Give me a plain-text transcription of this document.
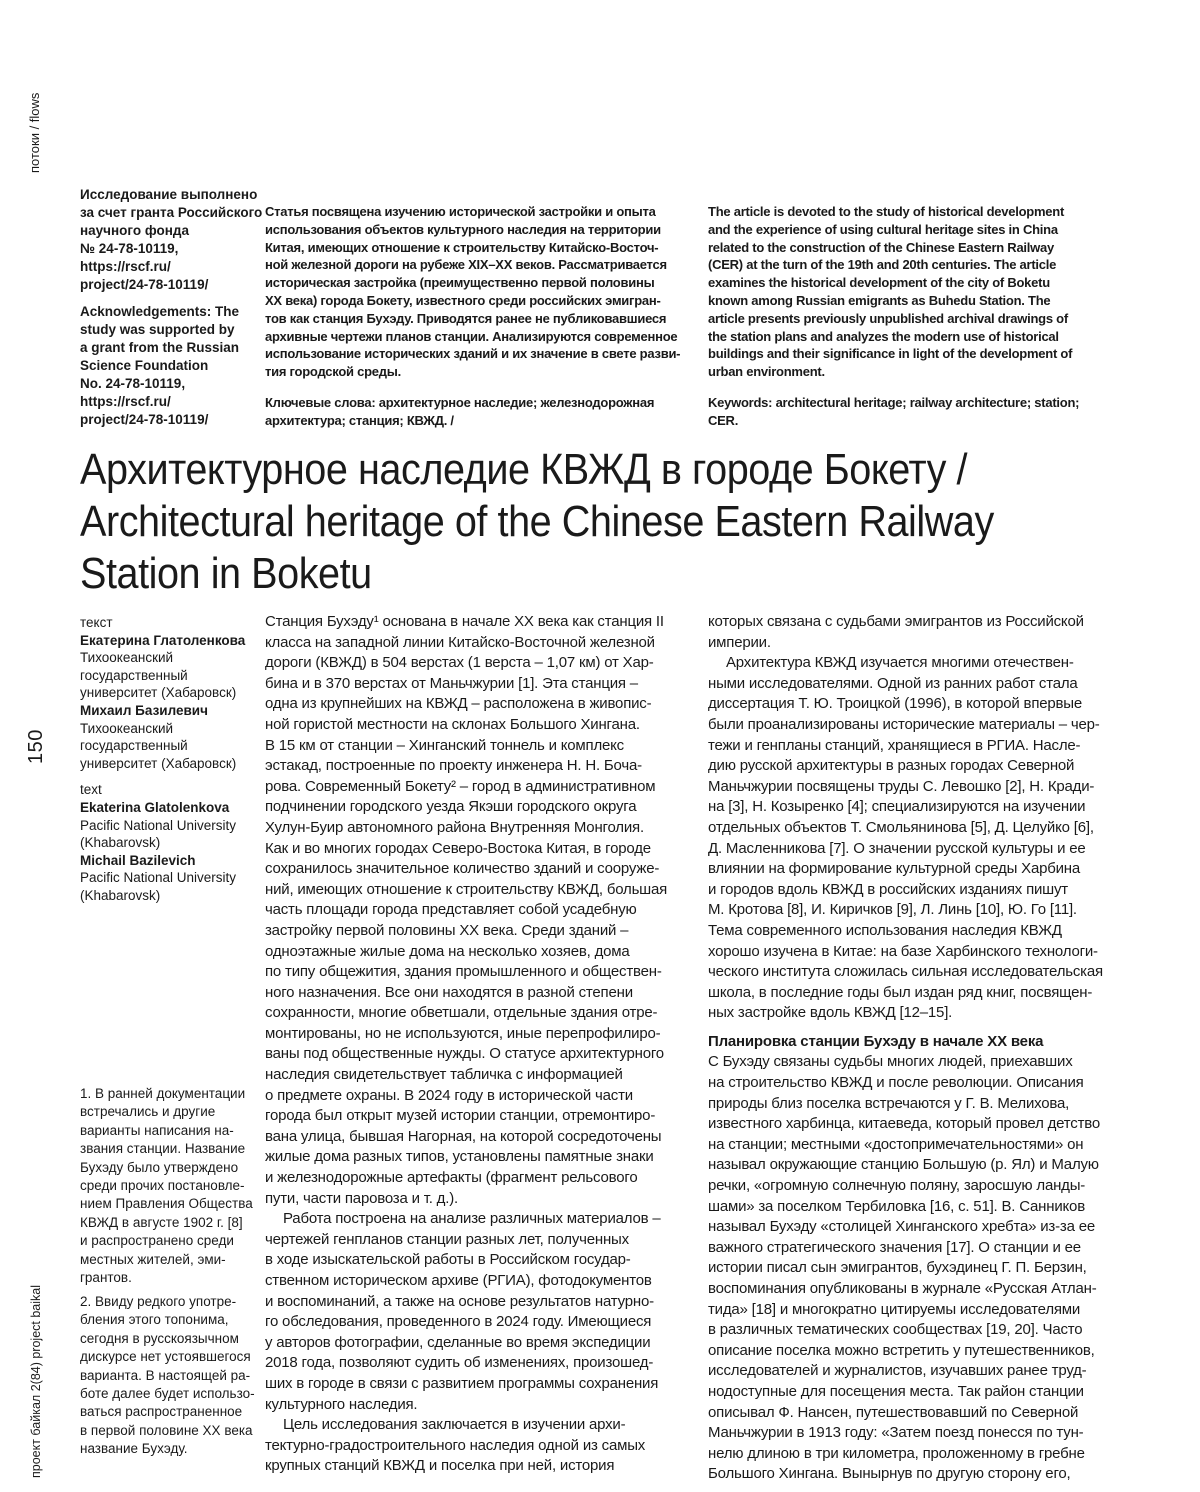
потоки / flows
150
проект байкал 2(84) project baikal
Исследование выполнено
за счет гранта Российского
научного фонда
№ 24-78-10119,
https://rscf.ru/
project/24-78-10119/
Acknowledgements: The
study was supported by
a grant from the Russian
Science Foundation
No. 24-78-10119,
https://rscf.ru/
project/24-78-10119/
Статья посвящена изучению исторической застройки и опыта
использования объектов культурного наследия на территории
Китая, имеющих отношение к строительству Китайско-Восточ-
ной железной дороги на рубеже XIX–XX веков. Рассматривается
историческая застройка (преимущественно первой половины
XX века) города Бокету, известного среди российских эмигран-
тов как станция Бухэду. Приводятся ранее не публиковавшиеся
архивные чертежи планов станции. Анализируются современное
использование исторических зданий и их значение в свете разви-
тия городской среды.
Ключевые слова: архитектурное наследие; железнодорожная
архитектура; станция; КВЖД. /
The article is devoted to the study of historical development
and the experience of using cultural heritage sites in China
related to the construction of the Chinese Eastern Railway
(CER) at the turn of the 19th and 20th centuries. The article
examines the historical development of the city of Boketu
known among Russian emigrants as Buhedu Station. The
article presents previously unpublished archival drawings of
the station plans and analyzes the modern use of historical
buildings and their significance in light of the development of
urban environment.
Keywords: architectural heritage; railway architecture; station;
CER.
Архитектурное наследие КВЖД в городе Бокету /
Architectural heritage of the Chinese Eastern Railway
Station in Boketu
текст
Екатерина Глатоленкова
Тихоокеанский
государственный
университет (Хабаровск)
Михаил Базилевич
Тихоокеанский
государственный
университет (Хабаровск)
text
Ekaterina Glatolenkova
Pacific National University
(Khabarovsk)
Michail Bazilevich
Pacific National University
(Khabarovsk)
1. В ранней документации
встречались и другие
варианты написания на-
звания станции. Название
Бухэду было утверждено
среди прочих постановле-
нием Правления Общества
КВЖД в августе 1902 г. [8]
и распространено среди
местных жителей, эми-
грантов.
2. Ввиду редкого употре-
бления этого топонима,
сегодня в русскоязычном
дискурсе нет устоявшегося
варианта. В настоящей ра-
боте далее будет использо-
ваться распространенное
в первой половине XX века
название Бухэду.

Станция Бухэду¹ основана в начале XX века как станция II
класса на западной линии Китайско-Восточной железной
дороги (КВЖД) в 504 верстах (1 верста – 1,07 км) от Хар-
бина и в 370 верстах от Маньчжурии [1]. Эта станция –
одна из крупнейших на КВЖД – расположена в живопис-
ной гористой местности на склонах Большого Хингана.
В 15 км от станции – Хинганский тоннель и комплекс
эстакад, построенные по проекту инженера Н. Н. Боча-
рова. Современный Бокету² – город в административном
подчинении городского уезда Якэши городского округа
Хулун-Буир автономного района Внутренняя Монголия.
Как и во многих городах Северо-Востока Китая, в городе
сохранилось значительное количество зданий и сооруже-
ний, имеющих отношение к строительству КВЖД, большая
часть площади города представляет собой усадебную
застройку первой половины XX века. Среди зданий –
одноэтажные жилые дома на несколько хозяев, дома
по типу общежития, здания промышленного и обществен-
ного назначения. Все они находятся в разной степени
сохранности, многие обветшали, отдельные здания отре-
монтированы, но не используются, иные перепрофилиро-
ваны под общественные нужды. О статусе архитектурного
наследия свидетельствует табличка с информацией
о предмете охраны. В 2024 году в исторической части
города был открыт музей истории станции, отремонтиро-
вана улица, бывшая Нагорная, на которой сосредоточены
жилые дома разных типов, установлены памятные знаки
и железнодорожные артефакты (фрагмент рельсового
пути, части паровоза и т. д.).

Работа построена на анализе различных материалов –
чертежей генпланов станции разных лет, полученных
в ходе изыскательской работы в Российском государ-
ственном историческом архиве (РГИА), фотодокументов
и воспоминаний, а также на основе результатов натурно-
го обследования, проведенного в 2024 году. Имеющиеся
у авторов фотографии, сделанные во время экспедиции
2018 года, позволяют судить об изменениях, произошед-
ших в городе в связи с развитием программы сохранения
культурного наследия.

Цель исследования заключается в изучении архи-
тектурно-градостроительного наследия одной из самых
крупных станций КВЖД и поселка при ней, история

которых связана с судьбами эмигрантов из Российской
империи.

Архитектура КВЖД изучается многими отечествен-
ными исследователями. Одной из ранних работ стала
диссертация Т. Ю. Троицкой (1996), в которой впервые
были проанализированы исторические материалы – чер-
тежи и генпланы станций, хранящиеся в РГИА. Насле-
дию русской архитектуры в разных городах Северной
Маньчжурии посвящены труды С. Левошко [2], Н. Кради-
на [3], Н. Козыренко [4]; специализируются на изучении
отдельных объектов Т. Смольянинова [5], Д. Целуйко [6],
Д. Масленникова [7]. О значении русской культуры и ее
влиянии на формирование культурной среды Харбина
и городов вдоль КВЖД в российских изданиях пишут
М. Кротова [8], И. Киричков [9], Л. Линь [10], Ю. Го [11].
Тема современного использования наследия КВЖД
хорошо изучена в Китае: на базе Харбинского технологи-
ческого института сложилась сильная исследовательская
школа, в последние годы был издан ряд книг, посвящен-
ных застройке вдоль КВЖД [12–15].

Планировка станции Бухэду в начале XX века

С Бухэду связаны судьбы многих людей, приехавших
на строительство КВЖД и после революции. Описания
природы близ поселка встречаются у Г. В. Мелихова,
известного харбинца, китаеведа, который провел детство
на станции; местными «достопримечательностями» он
называл окружающие станцию Большую (р. Ял) и Малую
речки, «огромную солнечную поляну, заросшую ланды-
шами» за поселком Тербиловка [16, с. 51]. В. Санников
называл Бухэду «столицей Хинганского хребта» из-за ее
важного стратегического значения [17]. О станции и ее
истории писал сын эмигрантов, бухэдинец Г. П. Берзин,
воспоминания опубликованы в журнале «Русская Атлан-
тида» [18] и многократно цитируемы исследователями
в различных тематических сообществах [19, 20]. Часто
описание поселка можно встретить у путешественников,
исследователей и журналистов, изучавших ранее труд-
нодоступные для посещения места. Так район станции
описывал Ф. Нансен, путешествовавший по Северной
Маньчжурии в 1913 году: «Затем поезд понесся по тун-
нелю длиною в три километра, проложенному в гребне
Большого Хингана. Вынырнув по другую сторону его,
